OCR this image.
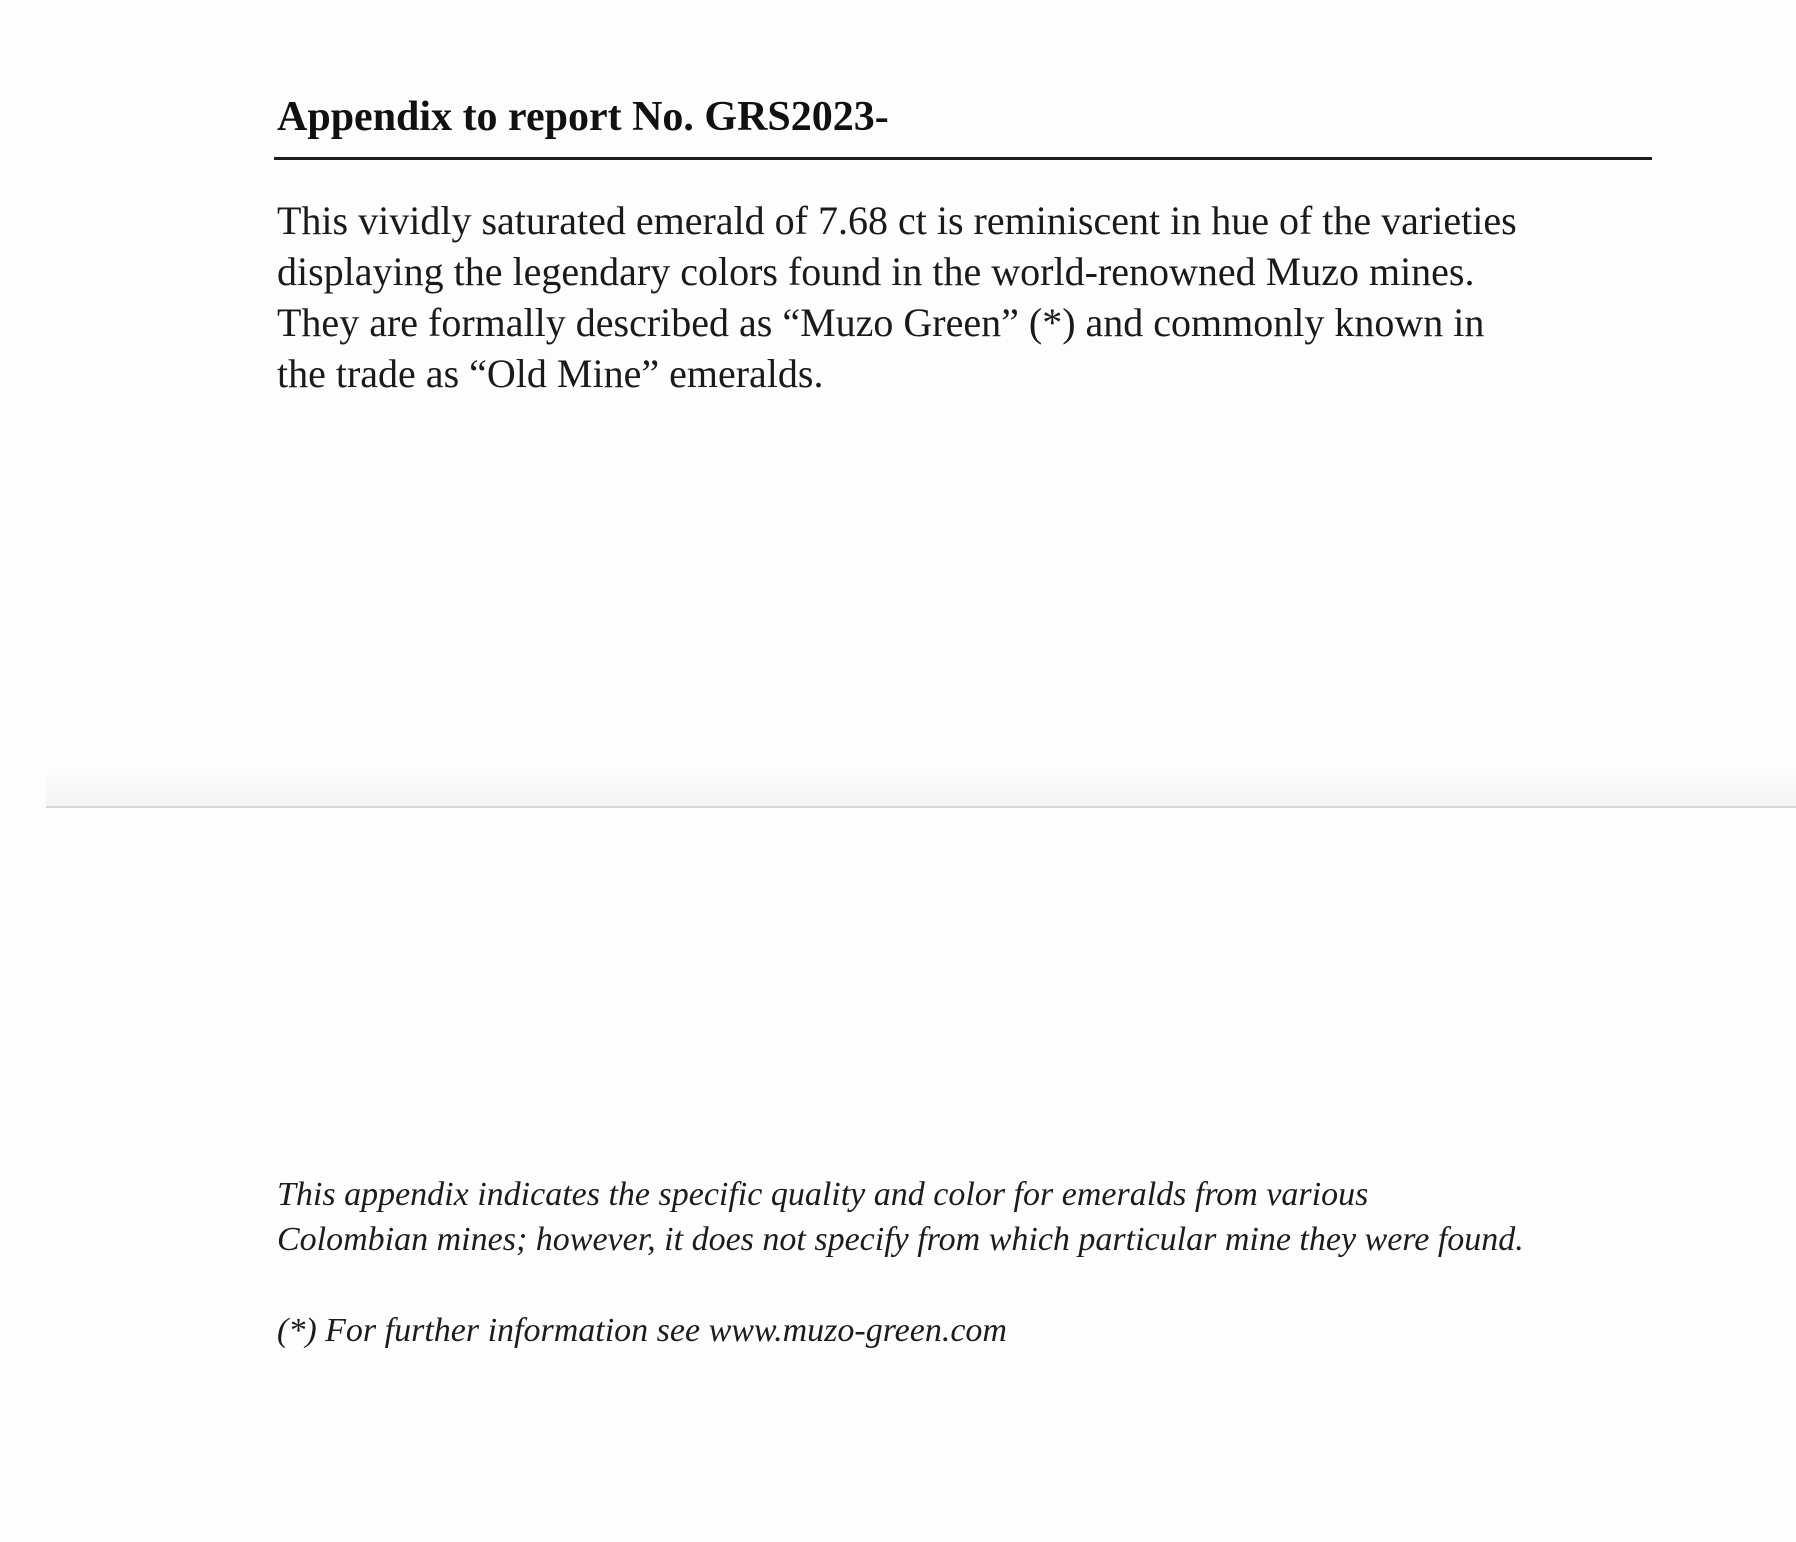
Appendix to report No. GRS2023-
This vividly saturated emerald of 7.68 ct is reminiscent in hue of the varieties
displaying the legendary colors found in the world-renowned Muzo mines.
They are formally described as “Muzo Green” (*) and commonly known in
the trade as “Old Mine” emeralds.
This appendix indicates the specific quality and color for emeralds from various
Colombian mines; however, it does not specify from which particular mine they were found.
(*) For further information see www.muzo-green.com
